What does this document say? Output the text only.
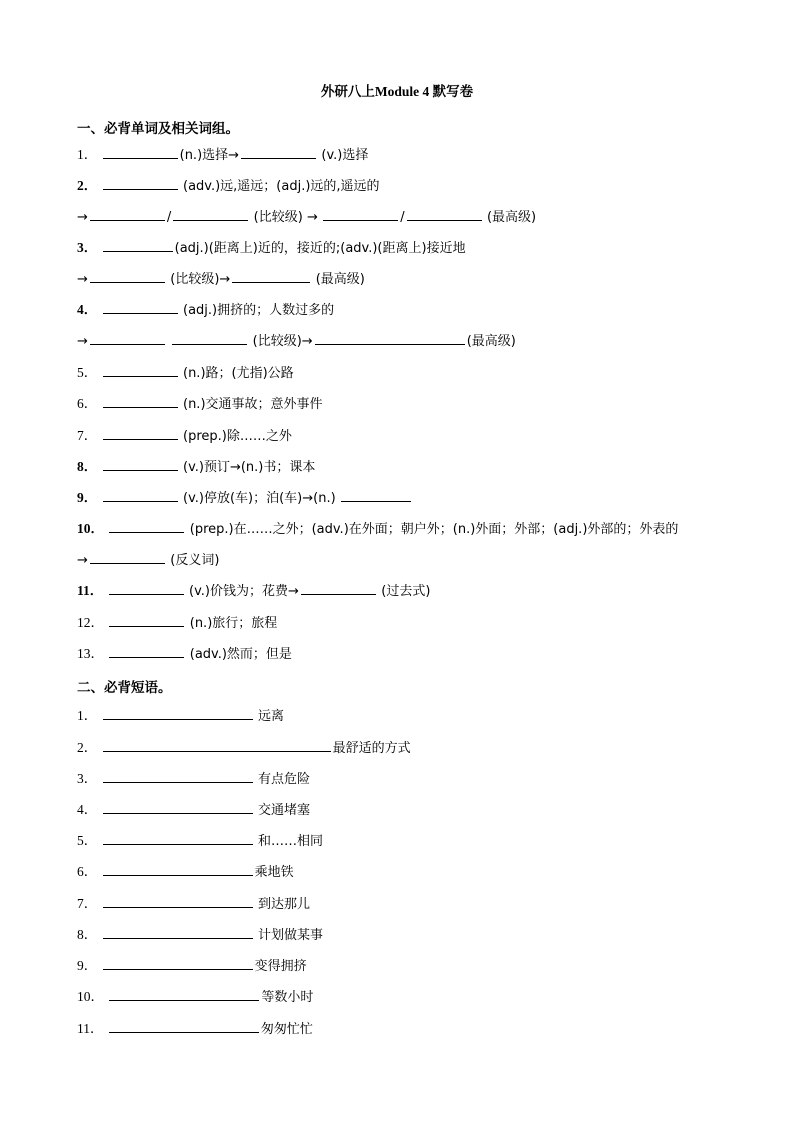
外研八上Module 4 默写卷
一、必背单词及相关词组。
1．	(n.)选择→	(v.)选择
2．	(adv.)远,遥远；(adj.)远的,遥远的
→	/	(比较级) →	/	(最高级)
3．	(adj.)(距离上)近的，接近的;(adv.)(距离上)接近地
→	(比较级)→	(最高级)
4．	(adj.)拥挤的；人数过多的
→	(比较级)→	(最高级)
5．	(n.)路；(尤指)公路
6．	(n.)交通事故；意外事件
7．	(prep.)除……之外
8．	(v.)预订→(n.)书；课本
9．	(v.)停放(车)；泊(车)→(n.)
10．	(prep.)在……之外；(adv.)在外面；朝户外；(n.)外面；外部；(adj.)外部的；外表的
→	(反义词)
11．	(v.)价钱为；花费→	(过去式)
12．	(n.)旅行；旅程
13．	(adv.)然而；但是
二、必背短语。
1．	远离
2．	最舒适的方式
3．	有点危险
4．	交通堵塞
5．	和……相同
6．	乘地铁
7．	到达那儿
8．	计划做某事
9．	变得拥挤
10．	等数小时
11．	匆匆忙忙
